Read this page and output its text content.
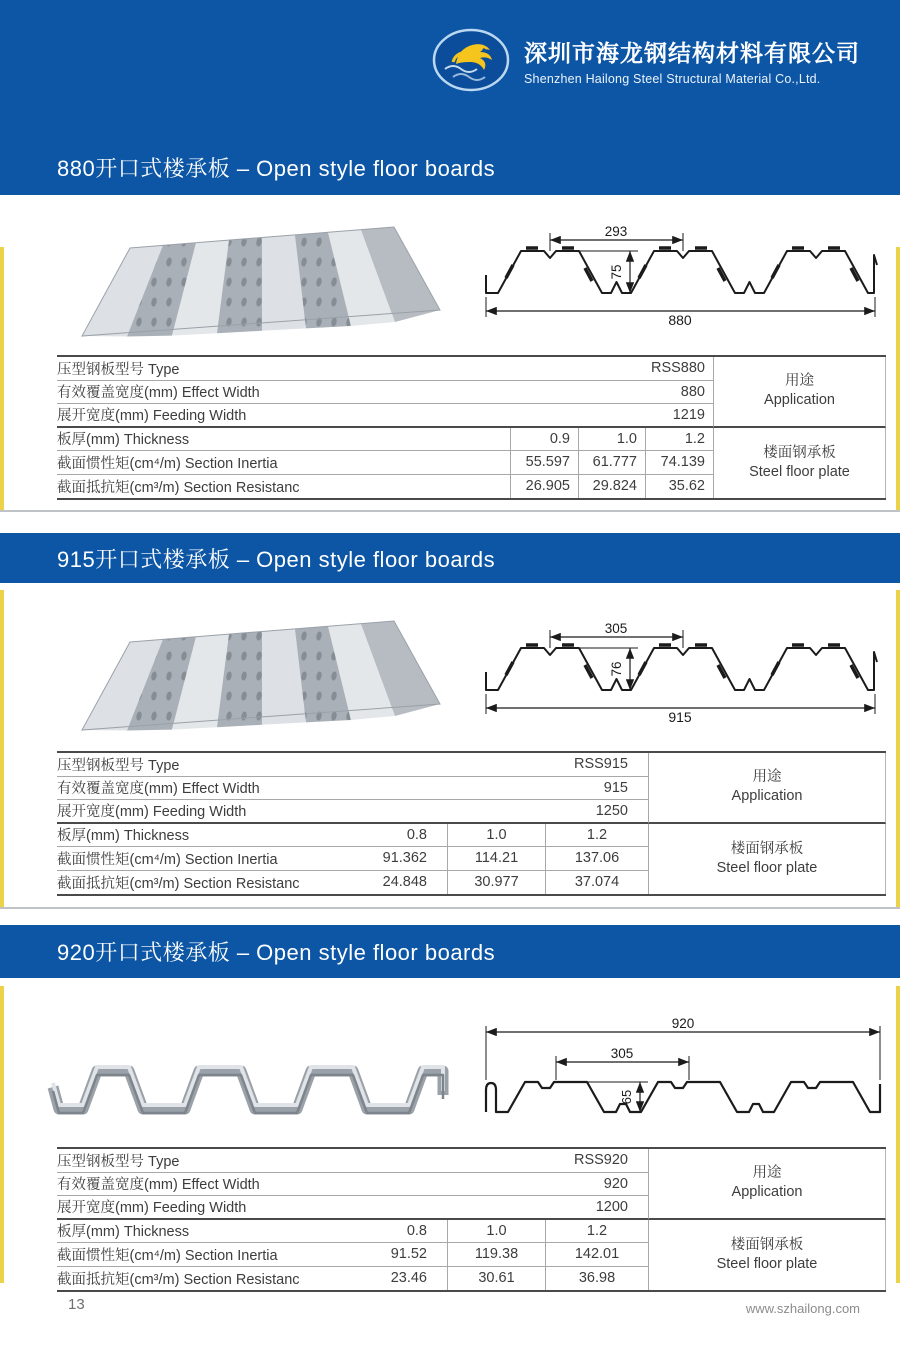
深圳市海龙钢结构材料有限公司
Shenzhen Hailong Steel Structural Material Co.,Ltd.
880开口式楼承板 – Open style floor boards
293
75
880
压型钢板型号 Type	RSS880
用途
Application
有效覆盖宽度(mm) Effect Width	880
展开宽度(mm) Feeding Width	1219
板厚(mm) Thickness	0.9	1.0	1.2
楼面钢承板
Steel floor plate
截面惯性矩(cm⁴/m) Section Inertia	55.597	61.777	74.139
截面抵抗矩(cm³/m) Section Resistanc	26.905	29.824	35.62
915开口式楼承板 – Open style floor boards
305
76
915
压型钢板型号 Type	RSS915
用途
Application
有效覆盖宽度(mm) Effect Width	915
展开宽度(mm) Feeding Width	1250
板厚(mm) Thickness	0.8	1.0	1.2
楼面钢承板
Steel floor plate
截面惯性矩(cm⁴/m) Section Inertia	91.362	114.21	137.06
截面抵抗矩(cm³/m) Section Resistanc	24.848	30.977	37.074
920开口式楼承板 – Open style floor boards
920
305
65
压型钢板型号 Type	RSS920
用途
Application
有效覆盖宽度(mm) Effect Width	920
展开宽度(mm) Feeding Width	1200
板厚(mm) Thickness	0.8	1.0	1.2
楼面钢承板
Steel floor plate
截面惯性矩(cm⁴/m) Section Inertia	91.52	119.38	142.01
截面抵抗矩(cm³/m) Section Resistanc	23.46	30.61	36.98
13	www.szhailong.com
